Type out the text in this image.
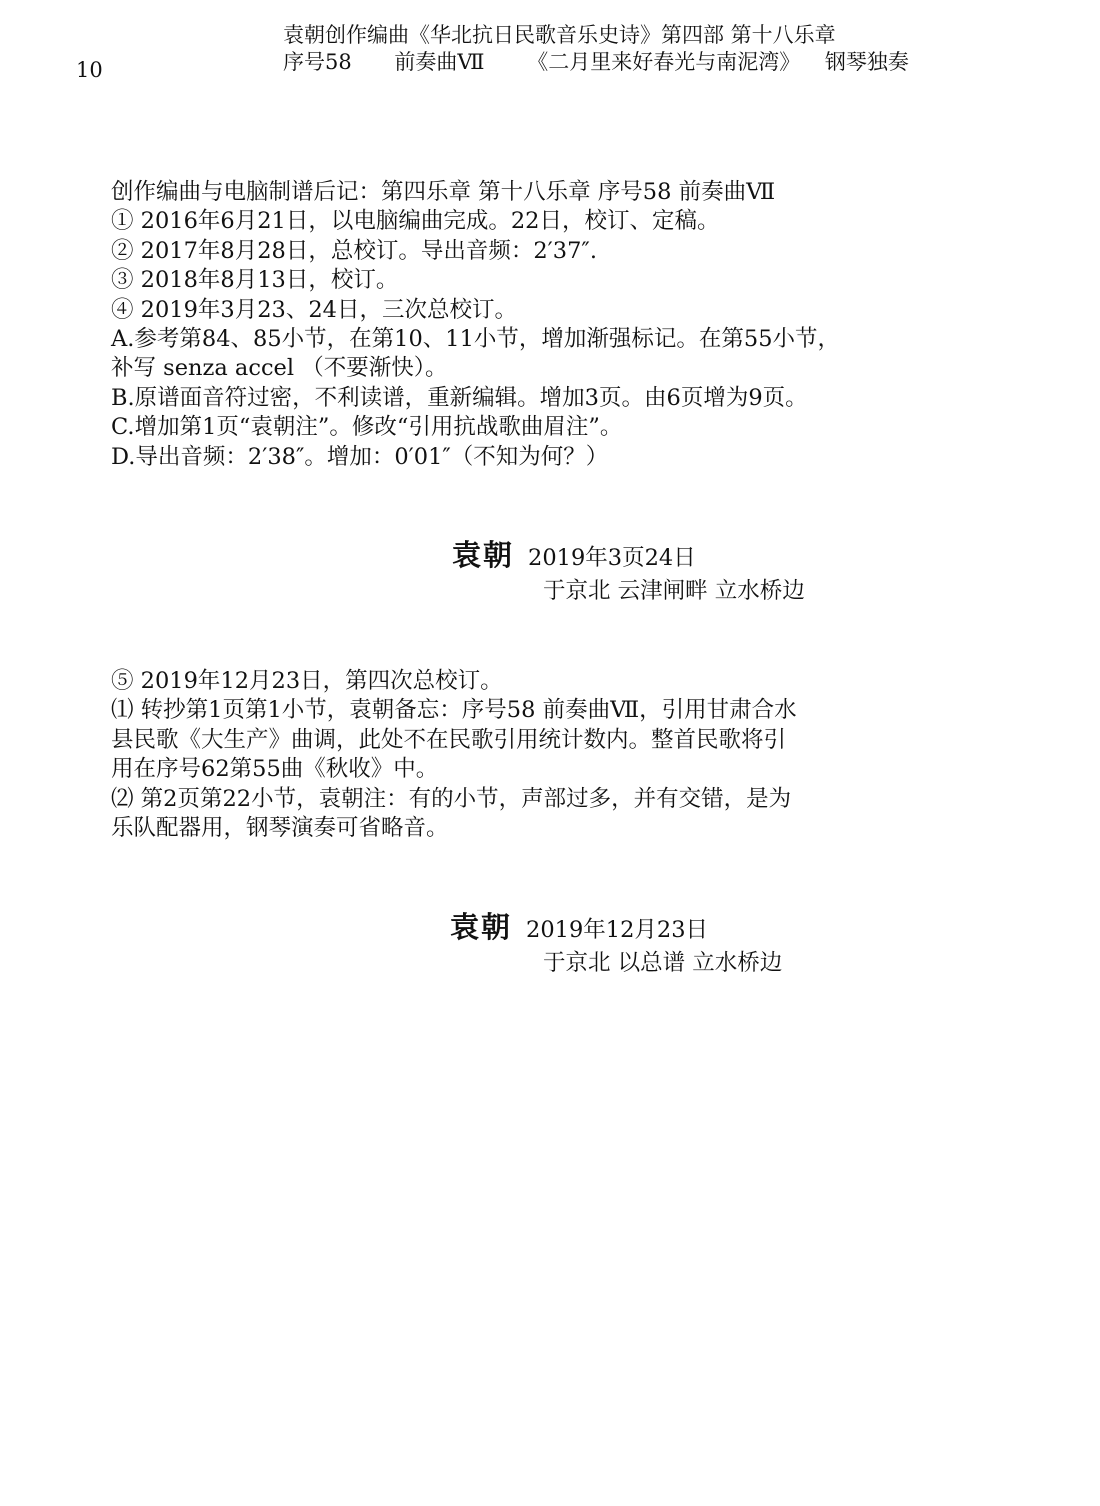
10
袁朝创作编曲《华北抗日民歌音乐史诗》第四部 第十八乐章
序号58 前奏曲Ⅶ 《二月里来好春光与南泥湾》 钢琴独奏
创作编曲与电脑制谱后记：第四乐章 第十八乐章 序号58 前奏曲Ⅶ
① 2016年6月21日，以电脑编曲完成。22日，校订、定稿。
② 2017年8月28日，总校订。导出音频：2′37″.
③ 2018年8月13日，校订。
④ 2019年3月23、24日，三次总校订。
A.参考第84、85小节，在第10、11小节，增加渐强标记。在第55小节，
补写 senza accel （不要渐快）。
B.原谱面音符过密，不利读谱，重新编辑。增加3页。由6页增为9页。
C.增加第1页“袁朝注”。修改“引用抗战歌曲眉注”。
D.导出音频：2′38″。增加：0′01″（不知为何？）
袁朝 2019年3页24日
于京北 云津闸畔 立水桥边
⑤ 2019年12月23日，第四次总校订。
⑴ 转抄第1页第1小节，袁朝备忘：序号58 前奏曲Ⅶ，引用甘肃合水
县民歌《大生产》曲调，此处不在民歌引用统计数内。整首民歌将引
用在序号62第55曲《秋收》中。
⑵ 第2页第22小节，袁朝注：有的小节，声部过多，并有交错，是为
乐队配器用，钢琴演奏可省略音。
袁朝 2019年12月23日
于京北 以总谱 立水桥边
